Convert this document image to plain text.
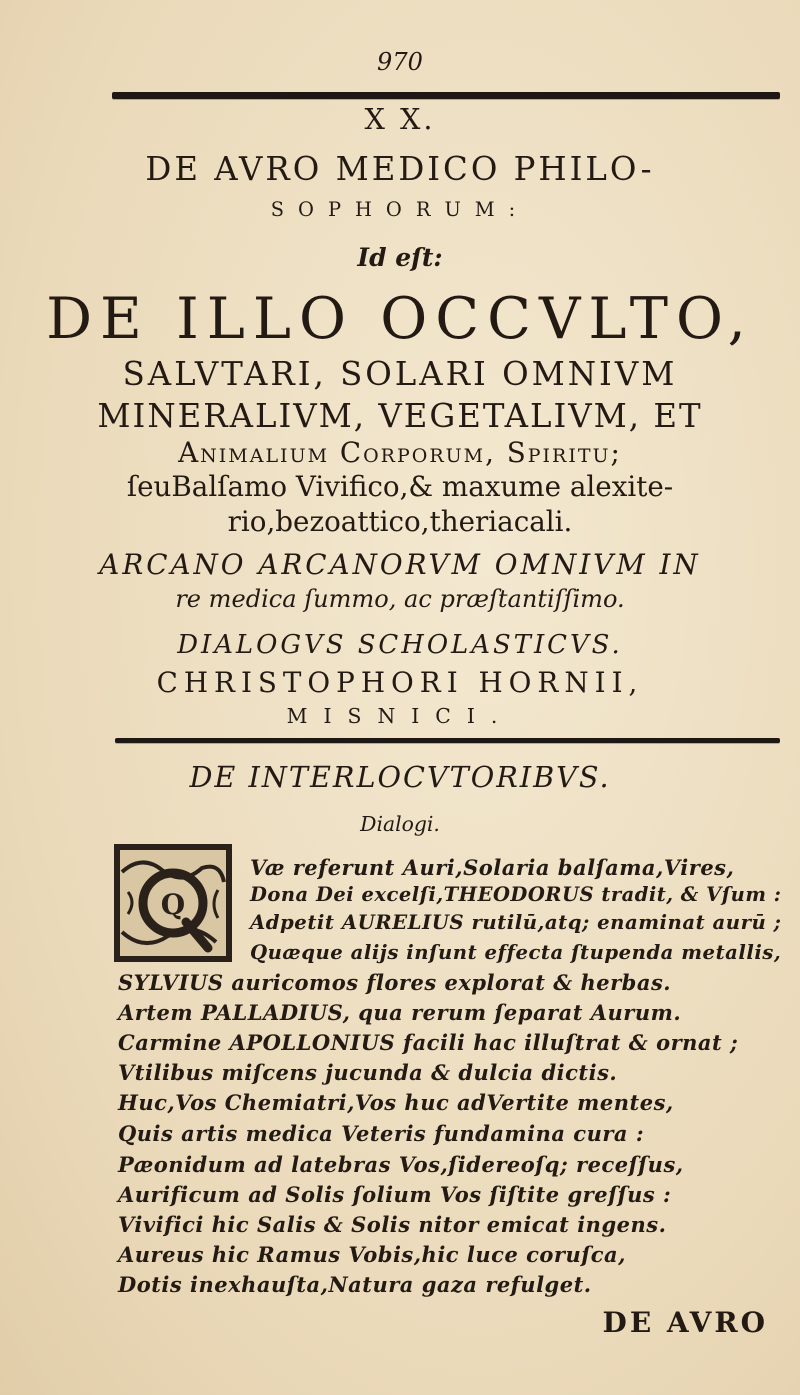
970
X X.
DE AVRO MEDICO PHILO-
SOPHORUM:
Id eſt:
DE ILLO OCCVLTO,
SALVTARI, SOLARI OMNIVM
MINERALIVM, VEGETALIVM, ET
Animalium Corporum, Spiritu;
ſeuBalſamo Vivifico,& maxume alexite-
rio,bezoattico,theriacali.
ARCANO ARCANORVM OMNIVM IN
re medica ſummo, ac præſtantiſſimo.
DIALOGVS SCHOLASTICVS.
CHRISTOPHORI HORNII,
MISNICI.
DE INTERLOCVTORIBVS.
Dialogi.
Q
Væ referunt Auri,Solaria balſama,Vires,
Dona Dei excelſi,THEODORUS tradit, & Vſum :
Adpetit AURELIUS rutilū,atq; enaminat aurū ;
Quæque alijs inſunt effecta ſtupenda metallis,
SYLVIUS auricomos flores explorat & herbas.
Artem PALLADIUS, qua rerum ſeparat Aurum.
Carmine APOLLONIUS facili hac illuſtrat & ornat ;
Vtilibus miſcens jucunda & dulcia dictis.
Huc,Vos Chemiatri,Vos huc adVertite mentes,
Quis artis medica Veteris fundamina cura :
Pæonidum ad latebras Vos,ſidereoſq; receſſus,
Aurificum ad Solis ſolium Vos ſiſtite greſſus :
Vivifici hic Salis & Solis nitor emicat ingens.
Aureus hic Ramus Vobis,hic luce coruſca,
Dotis inexhauſta,Natura gaza refulget.
DE AVRO
